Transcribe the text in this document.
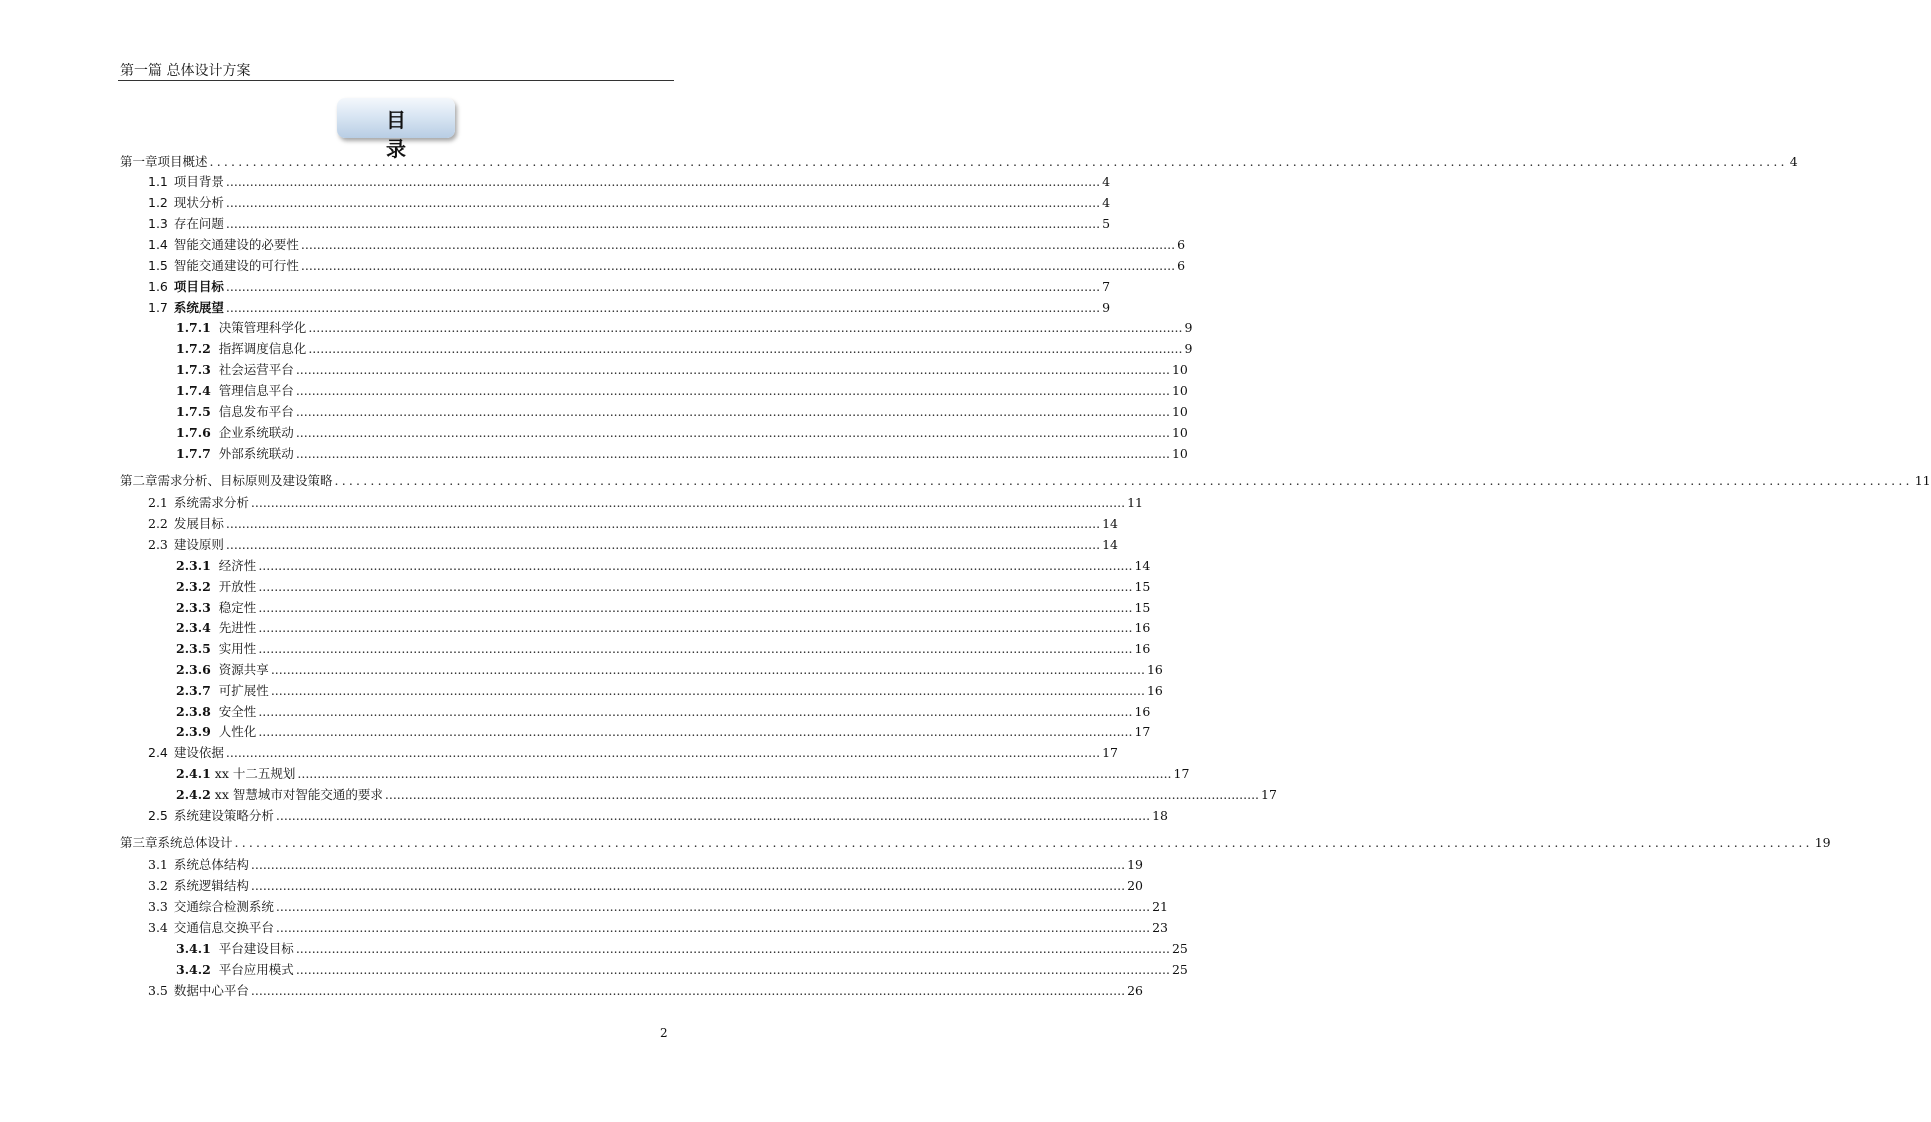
第一篇 总体设计方案
目 录
第一章 项目概述 ............................................................................................................................................................................................................................ 4
1.1 项目背景 ............................................................................................................................................................................................................................ 4
1.2 现状分析 ............................................................................................................................................................................................................................ 4
1.3 存在问题 ............................................................................................................................................................................................................................ 5
1.4 智能交通建设的必要性 ............................................................................................................................................................................................................................ 6
1.5 智能交通建设的可行性 ............................................................................................................................................................................................................................ 6
1.6 项目目标 ............................................................................................................................................................................................................................ 7
1.7 系统展望 ............................................................................................................................................................................................................................ 9
1.7.1 决策管理科学化 ............................................................................................................................................................................................................................ 9
1.7.2 指挥调度信息化 ............................................................................................................................................................................................................................ 9
1.7.3 社会运营平台 ............................................................................................................................................................................................................................ 10
1.7.4 管理信息平台 ............................................................................................................................................................................................................................ 10
1.7.5 信息发布平台 ............................................................................................................................................................................................................................ 10
1.7.6 企业系统联动 ............................................................................................................................................................................................................................ 10
1.7.7 外部系统联动 ............................................................................................................................................................................................................................ 10
第二章 需求分析、目标原则及建设策略 ............................................................................................................................................................................................................................ 11
2.1 系统需求分析 ............................................................................................................................................................................................................................ 11
2.2 发展目标 ............................................................................................................................................................................................................................ 14
2.3 建设原则 ............................................................................................................................................................................................................................ 14
2.3.1 经济性 ............................................................................................................................................................................................................................ 14
2.3.2 开放性 ............................................................................................................................................................................................................................ 15
2.3.3 稳定性 ............................................................................................................................................................................................................................ 15
2.3.4 先进性 ............................................................................................................................................................................................................................ 16
2.3.5 实用性 ............................................................................................................................................................................................................................ 16
2.3.6 资源共享 ............................................................................................................................................................................................................................ 16
2.3.7 可扩展性 ............................................................................................................................................................................................................................ 16
2.3.8 安全性 ............................................................................................................................................................................................................................ 16
2.3.9 人性化 ............................................................................................................................................................................................................................ 17
2.4 建设依据 ............................................................................................................................................................................................................................ 17
2.4.1 xx 十二五规划 ............................................................................................................................................................................................................................ 17
2.4.2 xx 智慧城市对智能交通的要求 ............................................................................................................................................................................................................................ 17
2.5 系统建设策略分析 ............................................................................................................................................................................................................................ 18
第三章 系统总体设计 ............................................................................................................................................................................................................................ 19
3.1 系统总体结构 ............................................................................................................................................................................................................................ 19
3.2 系统逻辑结构 ............................................................................................................................................................................................................................ 20
3.3 交通综合检测系统 ............................................................................................................................................................................................................................ 21
3.4 交通信息交换平台 ............................................................................................................................................................................................................................ 23
3.4.1 平台建设目标 ............................................................................................................................................................................................................................ 25
3.4.2 平台应用模式 ............................................................................................................................................................................................................................ 25
3.5 数据中心平台 ............................................................................................................................................................................................................................ 26
2
